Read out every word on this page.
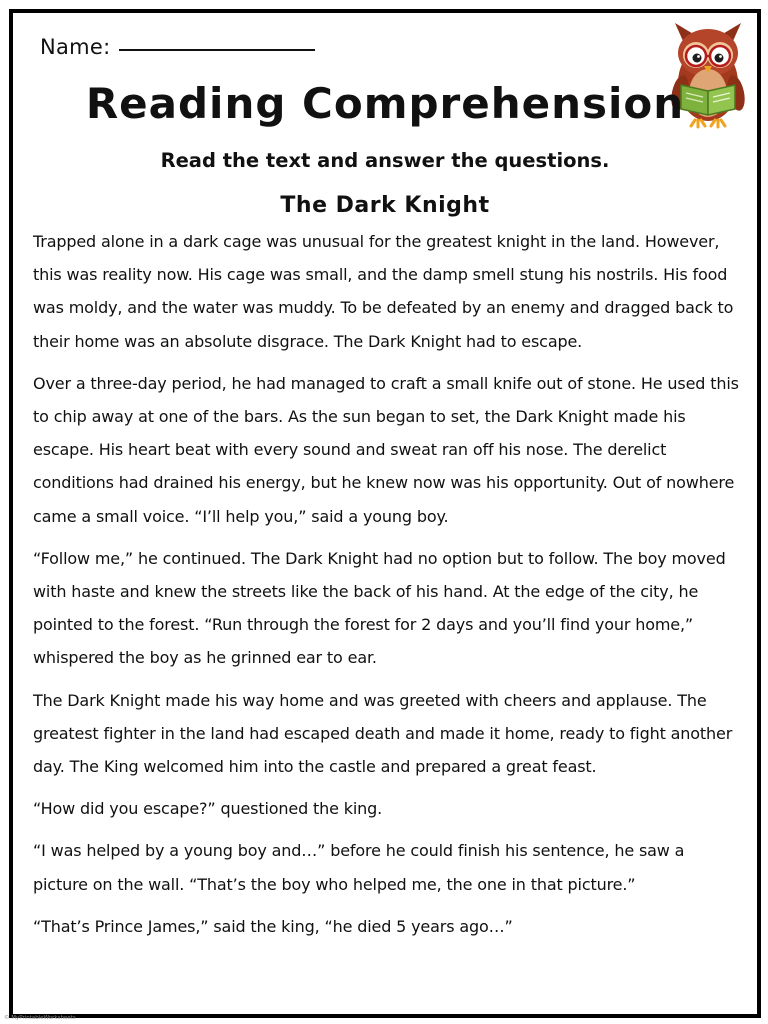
Name:
Reading Comprehension
Read the text and answer the questions.
The Dark Knight

Trapped alone in a dark cage was unusual for the greatest knight in the land. However, this was reality now. His cage was small, and the damp smell stung his nostrils. His food was moldy, and the water was muddy. To be defeated by an enemy and dragged back to their home was an absolute disgrace. The Dark Knight had to escape.

Over a three-day period, he had managed to craft a small knife out of stone. He used this to chip away at one of the bars. As the sun began to set, the Dark Knight made his escape. His heart beat with every sound and sweat ran off his nose. The derelict conditions had drained his energy, but he knew now was his opportunity. Out of nowhere came a small voice. “I’ll help you,” said a young boy.

“Follow me,” he continued. The Dark Knight had no option but to follow. The boy moved with haste and knew the streets like the back of his hand. At the edge of the city, he pointed to the forest. “Run through the forest for 2 days and you’ll find your home,” whispered the boy as he grinned ear to ear.

The Dark Knight made his way home and was greeted with cheers and applause. The greatest fighter in the land had escaped death and made it home, ready to fight another day. The King welcomed him into the castle and prepared a great feast.

“How did you escape?” questioned the king.

“I was helped by a young boy and…” before he could finish his sentence, he saw a picture on the wall. “That’s the boy who helped me, the one in that picture.”

“That’s Prince James,” said the king, “he died 5 years ago…”

© MyPrintableWorksheets
